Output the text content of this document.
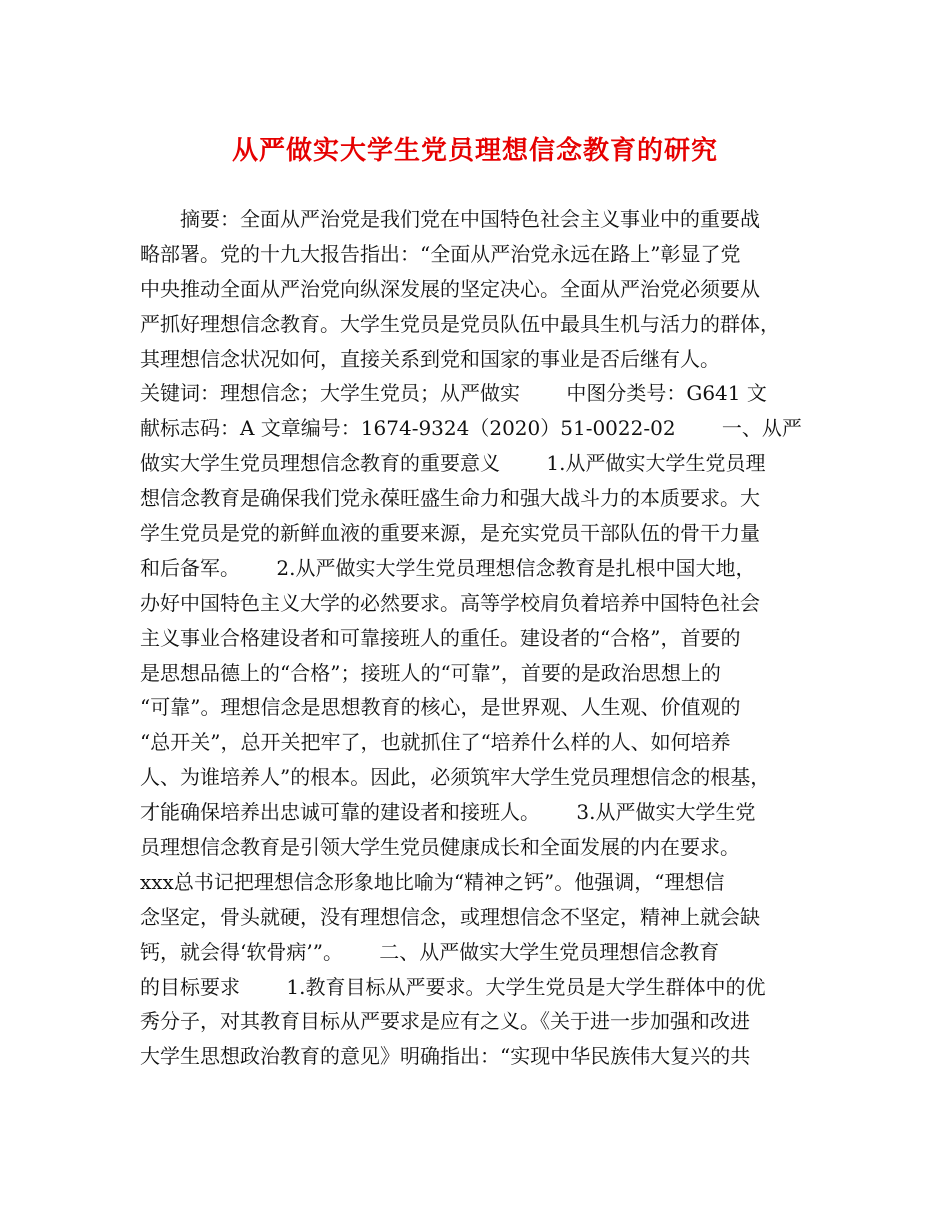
从严做实大学生党员理想信念教育的研究
　　摘要：全面从严治党是我们党在中国特色社会主义事业中的重要战
略部署。党的十九大报告指出：“全面从严治党永远在路上”彰显了党
中央推动全面从严治党向纵深发展的坚定决心。全面从严治党必须要从
严抓好理想信念教育。大学生党员是党员队伍中最具生机与活力的群体，
其理想信念状况如何，直接关系到党和国家的事业是否后继有人。
关键词：理想信念；大学生党员；从严做实　　 中图分类号：G641 文
献标志码：A 文章编号：1674-9324（2020）51-0022-02　　 一、从严
做实大学生党员理想信念教育的重要意义　　 1.从严做实大学生党员理
想信念教育是确保我们党永葆旺盛生命力和强大战斗力的本质要求。大
学生党员是党的新鲜血液的重要来源，是充实党员干部队伍的骨干力量
和后备军。　　 2.从严做实大学生党员理想信念教育是扎根中国大地，
办好中国特色主义大学的必然要求。高等学校肩负着培养中国特色社会
主义事业合格建设者和可靠接班人的重任。建设者的“合格”，首要的
是思想品德上的“合格”；接班人的“可靠”，首要的是政治思想上的
“可靠”。理想信念是思想教育的核心，是世界观、人生观、价值观的
“总开关”，总开关把牢了，也就抓住了“培养什么样的人、如何培养
人、为谁培养人”的根本。因此，必须筑牢大学生党员理想信念的根基，
才能确保培养出忠诚可靠的建设者和接班人。　　 3.从严做实大学生党
员理想信念教育是引领大学生党员健康成长和全面发展的内在要求。
xxx总书记把理想信念形象地比喻为“精神之钙”。他强调，“理想信
念坚定，骨头就硬，没有理想信念，或理想信念不坚定，精神上就会缺
钙，就会得‘软骨病’”。　　 二、从严做实大学生党员理想信念教育
的目标要求　　 1.教育目标从严要求。大学生党员是大学生群体中的优
秀分子，对其教育目标从严要求是应有之义。《关于进一步加强和改进
大学生思想政治教育的意见》明确指出：“实现中华民族伟大复兴的共
